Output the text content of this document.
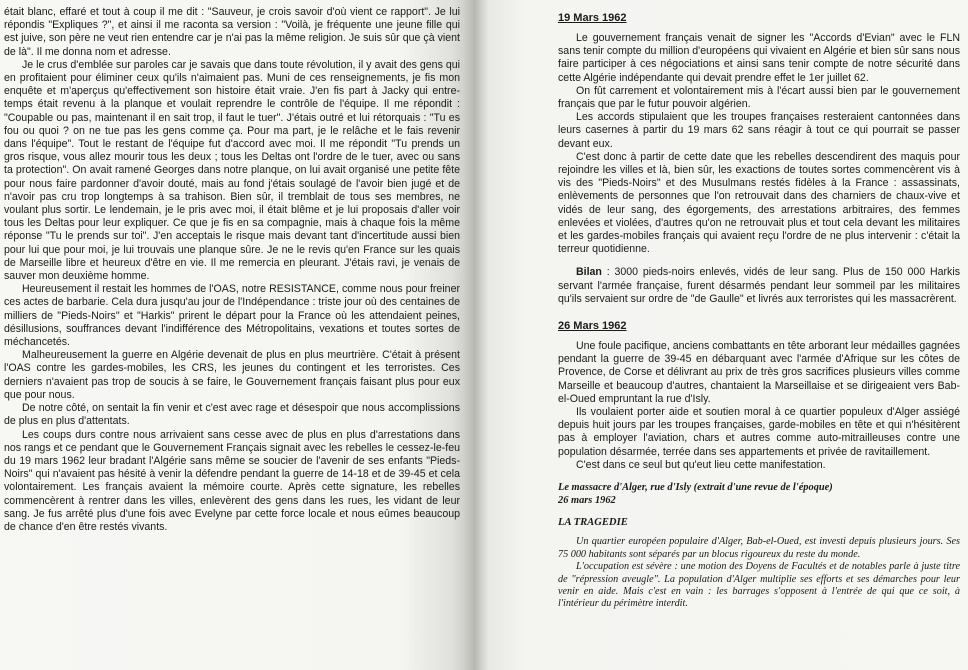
était blanc, effaré et tout à coup il me dit : "Sauveur, je crois savoir d'où vient ce rapport". Je lui répondis "Expliques ?", et ainsi il me raconta sa version : "Voilà, je fréquente une jeune fille qui est juive, son père ne veut rien entendre car je n'ai pas la même religion. Je suis sûr que çà vient de là". Il me donna nom et adresse.

Je le crus d'emblée sur paroles car je savais que dans toute révolution, il y avait des gens qui en profitaient pour éliminer ceux qu'ils n'aimaient pas. Muni de ces renseignements, je fis mon enquête et m'aperçus qu'effectivement son histoire était vraie. J'en fis part à Jacky qui entre-temps était revenu à la planque et voulait reprendre le contrôle de l'équipe. Il me répondit : "Coupable ou pas, maintenant il en sait trop, il faut le tuer". J'étais outré et lui rétorquais : "Tu es fou ou quoi ? on ne tue pas les gens comme ça. Pour ma part, je le relâche et le fais revenir dans l'équipe". Tout le restant de l'équipe fut d'accord avec moi. Il me répondit "Tu prends un gros risque, vous allez mourir tous les deux ; tous les Deltas ont l'ordre de le tuer, avec ou sans ta protection". On avait ramené Georges dans notre planque, on lui avait organisé une petite fête pour nous faire pardonner d'avoir douté, mais au fond j'étais soulagé de l'avoir bien jugé et de n'avoir pas cru trop longtemps à sa trahison. Bien sûr, il tremblait de tous ses membres, ne voulant plus sortir. Le lendemain, je le pris avec moi, il était blême et je lui proposais d'aller voir tous les Deltas pour leur expliquer. Ce que je fis en sa compagnie, mais à chaque fois la même réponse "Tu le prends sur toi". J'en acceptais le risque mais devant tant d'incertitude aussi bien pour lui que pour moi, je lui trouvais une planque sûre. Je ne le revis qu'en France sur les quais de Marseille libre et heureux d'être en vie. Il me remercia en pleurant. J'étais ravi, je venais de sauver mon deuxième homme.

Heureusement il restait les hommes de l'OAS, notre RESISTANCE, comme nous pour freiner ces actes de barbarie. Cela dura jusqu'au jour de l'Indépendance : triste jour où des centaines de milliers de "Pieds-Noirs" et "Harkis" prirent le départ pour la France où les attendaient peines, désillusions, souffrances devant l'indifférence des Métropolitains, vexations et toutes sortes de méchancetés.

Malheureusement la guerre en Algérie devenait de plus en plus meurtrière. C'était à présent l'OAS contre les gardes-mobiles, les CRS, les jeunes du contingent et les terroristes. Ces derniers n'avaient pas trop de soucis à se faire, le Gouvernement français faisant plus pour eux que pour nous.

De notre côté, on sentait la fin venir et c'est avec rage et désespoir que nous accomplissions de plus en plus d'attentats.

Les coups durs contre nous arrivaient sans cesse avec de plus en plus d'arrestations dans nos rangs et ce pendant que le Gouvernement Français signait avec les rebelles le cessez-le-feu du 19 mars 1962 leur bradant l'Algérie sans même se soucier de l'avenir de ses enfants "Pieds-Noirs" qui n'avaient pas hésité à venir la défendre pendant la guerre de 14-18 et de 39-45 et cela volontairement. Les français avaient la mémoire courte. Après cette signature, les rebelles commencèrent à rentrer dans les villes, enlevèrent des gens dans les rues, les vidant de leur sang. Je fus arrêté plus d'une fois avec Evelyne par cette force locale et nous eûmes beaucoup de chance d'en être restés vivants.

19 Mars 1962

Le gouvernement français venait de signer les "Accords d'Evian" avec le FLN sans tenir compte du million d'européens qui vivaient en Algérie et bien sûr sans nous faire participer à ces négociations et ainsi sans tenir compte de notre sécurité dans cette Algérie indépendante qui devait prendre effet le 1er juillet 62.

On fût carrement et volontairement mis à l'écart aussi bien par le gouvernement français que par le futur pouvoir algérien.

Les accords stipulaient que les troupes françaises resteraient cantonnées dans leurs casernes à partir du 19 mars 62 sans réagir à tout ce qui pourrait se passer devant eux.

C'est donc à partir de cette date que les rebelles descendirent des maquis pour rejoindre les villes et là, bien sûr, les exactions de toutes sortes commencèrent vis à vis des "Pieds-Noirs" et des Musulmans restés fidèles à la France : assassinats, enlèvements de personnes que l'on retrouvait dans des charniers de chaux-vive et vidés de leur sang, des égorgements, des arrestations arbitraires, des femmes enlevées et violées, d'autres qu'on ne retrouvait plus et tout cela devant les militaires et les gardes-mobiles français qui avaient reçu l'ordre de ne plus intervenir : c'était la terreur quotidienne.

Bilan : 3000 pieds-noirs enlevés, vidés de leur sang. Plus de 150 000 Harkis servant l'armée française, furent désarmés pendant leur sommeil par les militaires qu'ils servaient sur ordre de "de Gaulle" et livrés aux terroristes qui les massacrèrent.

26 Mars 1962

Une foule pacifique, anciens combattants en tête arborant leur médailles gagnées pendant la guerre de 39-45 en débarquant avec l'armée d'Afrique sur les côtes de Provence, de Corse et délivrant au prix de très gros sacrifices plusieurs villes comme Marseille et beaucoup d'autres, chantaient la Marseillaise et se dirigeaient vers Bab-el-Oued empruntant la rue d'Isly.

Ils voulaient porter aide et soutien moral à ce quartier populeux d'Alger assiégé depuis huit jours par les troupes françaises, garde-mobiles en tête et qui n'hésitèrent pas à employer l'aviation, chars et autres comme auto-mitrailleuses contre une population désarmée, terrée dans ses appartements et privée de ravitaillement.

C'est dans ce seul but qu'eut lieu cette manifestation.

Le massacre d'Alger, rue d'Isly (extrait d'une revue de l'époque)
26 mars 1962
LA TRAGEDIE

Un quartier européen populaire d'Alger, Bab-el-Oued, est investi depuis plusieurs jours. Ses 75 000 habitants sont séparés par un blocus rigoureux du reste du monde.

L'occupation est sévère : une motion des Doyens de Facultés et de notables parle à juste titre de "répression aveugle". La population d'Alger multiplie ses efforts et ses démarches pour leur venir en aide. Mais c'est en vain : les barrages s'opposent à l'entrée de qui que ce soit, à l'intérieur du périmètre interdit.
